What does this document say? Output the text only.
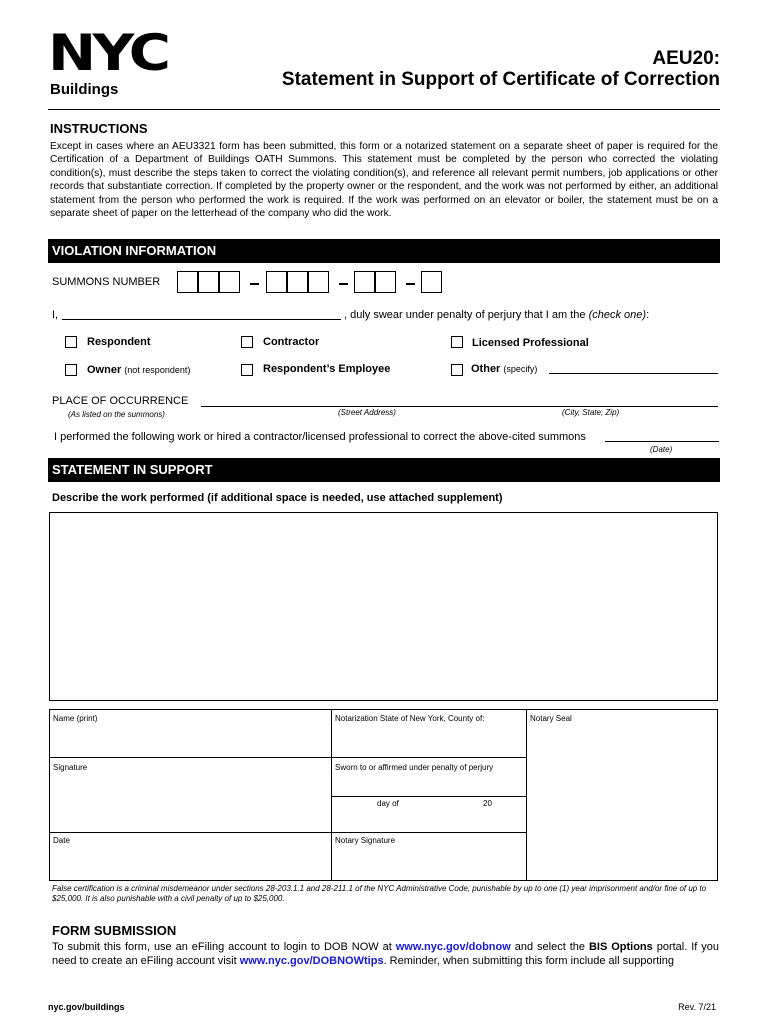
NYC
Buildings
AEU20:
Statement in Support of Certificate of Correction
INSTRUCTIONS
Except in cases where an AEU3321 form has been submitted, this form or a notarized statement on a separate sheet of paper is required for the Certification of a Department of Buildings OATH Summons. This statement must be completed by the person who corrected the violating condition(s), must describe the steps taken to correct the violating condition(s), and reference all relevant permit numbers, job applications or other records that substantiate correction. If completed by the property owner or the respondent, and the work was not performed by either, an additional statement from the person who performed the work is required. If the work was performed on an elevator or boiler, the statement must be on a separate sheet of paper on the letterhead of the company who did the work.
VIOLATION INFORMATION
SUMMONS NUMBER
I,	, duly swear under penalty of perjury that I am the (check one):
Respondent	Contractor	Licensed Professional
Owner (not respondent)	Respondent’s Employee	Other (specify)
PLACE OF OCCURRENCE
(As listed on the summons)	(Street Address)	(City, State, Zip)
I performed the following work or hired a contractor/licensed professional to correct the above-cited summons
(Date)
STATEMENT IN SUPPORT
Describe the work performed (if additional space is needed, use attached supplement)
Name (print)	Notarization State of New York, County of:	Notary Seal
Signature	Sworn to or affirmed under penalty of perjury
day of	20
Date	Notary Signature
False certification is a criminal misdemeanor under sections 28-203.1.1 and 28-211.1 of the NYC Administrative Code, punishable by up to one (1) year imprisonment and/or fine of up to $25,000. It is also punishable with a civil penalty of up to $25,000.
FORM SUBMISSION
To submit this form, use an eFiling account to login to DOB NOW at www.nyc.gov/dobnow and select the BIS Options portal. If you need to create an eFiling account visit www.nyc.gov/DOBNOWtips. Reminder, when submitting this form include all supporting
nyc.gov/buildings	Rev. 7/21
